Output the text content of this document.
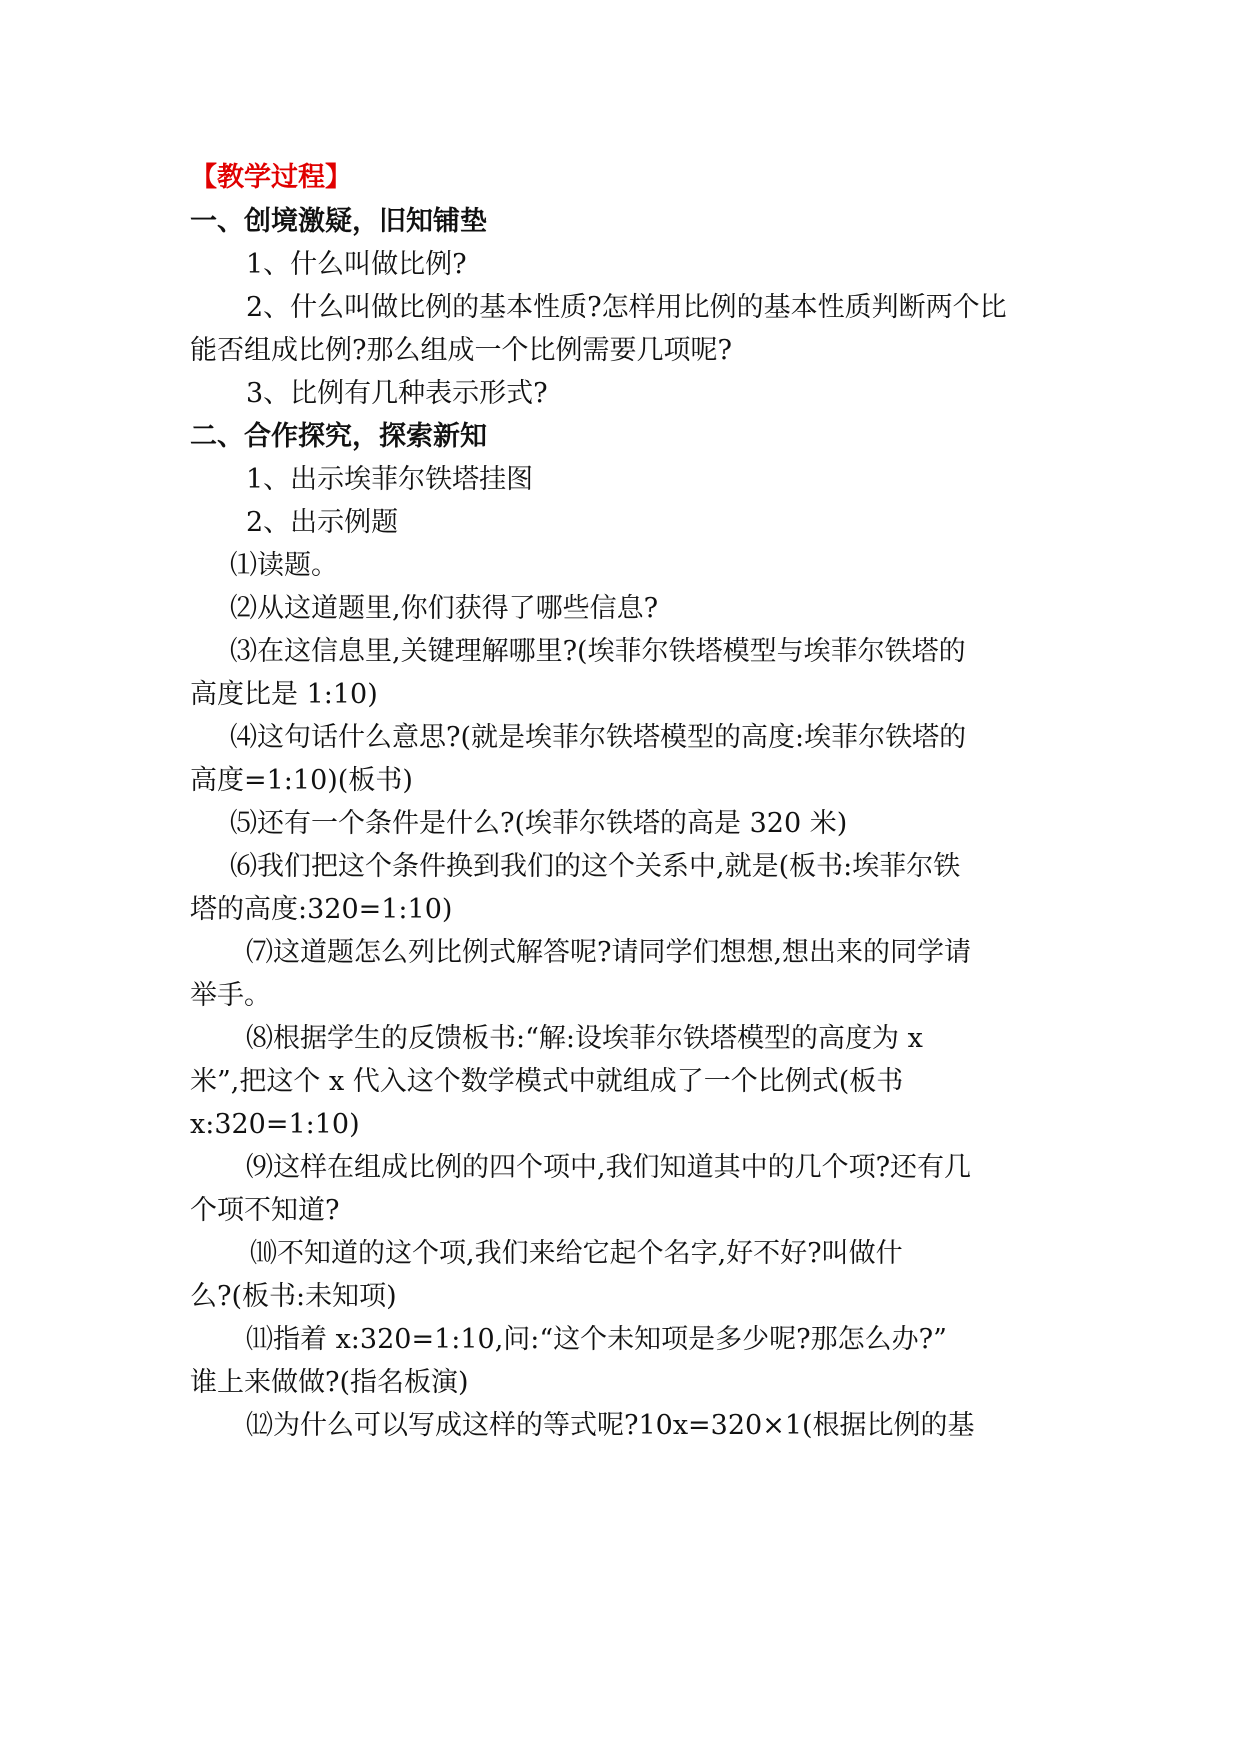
【教学过程】
一、创境激疑，旧知铺垫
1、什么叫做比例?
2、什么叫做比例的基本性质?怎样用比例的基本性质判断两个比
能否组成比例?那么组成一个比例需要几项呢?
3、比例有几种表示形式?
二、合作探究，探索新知
1、出示埃菲尔铁塔挂图
2、出示例题
⑴读题。
⑵从这道题里,你们获得了哪些信息?
⑶在这信息里,关键理解哪里?(埃菲尔铁塔模型与埃菲尔铁塔的
高度比是 1:10)
⑷这句话什么意思?(就是埃菲尔铁塔模型的高度:埃菲尔铁塔的
高度=1:10)(板书)
⑸还有一个条件是什么?(埃菲尔铁塔的高是 320 米)
⑹我们把这个条件换到我们的这个关系中,就是(板书:埃菲尔铁
塔的高度:320=1:10)
⑺这道题怎么列比例式解答呢?请同学们想想,想出来的同学请
举手。
⑻根据学生的反馈板书:“解:设埃菲尔铁塔模型的高度为 x
米”,把这个 x 代入这个数学模式中就组成了一个比例式(板书
x:320=1:10)
⑼这样在组成比例的四个项中,我们知道其中的几个项?还有几
个项不知道?
⑽不知道的这个项,我们来给它起个名字,好不好?叫做什
么?(板书:未知项)
⑾指着 x:320=1:10,问:“这个未知项是多少呢?那怎么办?”
谁上来做做?(指名板演)
⑿为什么可以写成这样的等式呢?10x=320×1(根据比例的基
